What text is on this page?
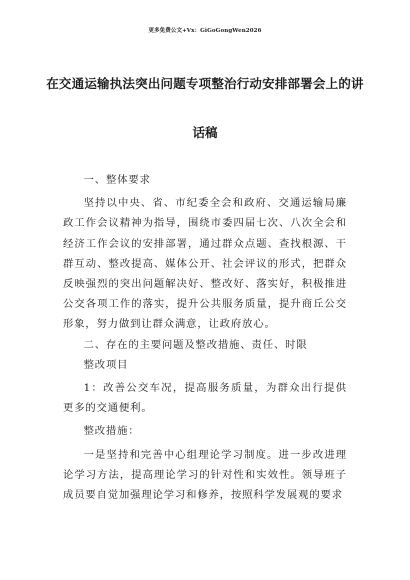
更多免费公文+Vx：GiGoGongWen2026
在交通运输执法突出问题专项整治行动安排部署会上的讲
话稿

一、整体要求

坚持以中央、省、市纪委全会和政府、交通运输局廉政工作会议精神为指导，围绕市委四届七次、八次全会和经济工作会议的安排部署，通过群众点题、查找根源、干群互动、整改提高、媒体公开、社会评议的形式，把群众反映强烈的突出问题解决好、整改好、落实好，积极推进公交各项工作的落实，提升公共服务质量，提升商丘公交形象，努力做到让群众满意，让政府放心。

二、存在的主要问题及整改措施、责任、时限

整改项目

1：改善公交车况，提高服务质量，为群众出行提供更多的交通便利。

整改措施：

一是坚持和完善中心组理论学习制度。进一步改进理论学习方法，提高理论学习的针对性和实效性。领导班子成员要自觉加强理论学习和修养，按照科学发展观的要求
